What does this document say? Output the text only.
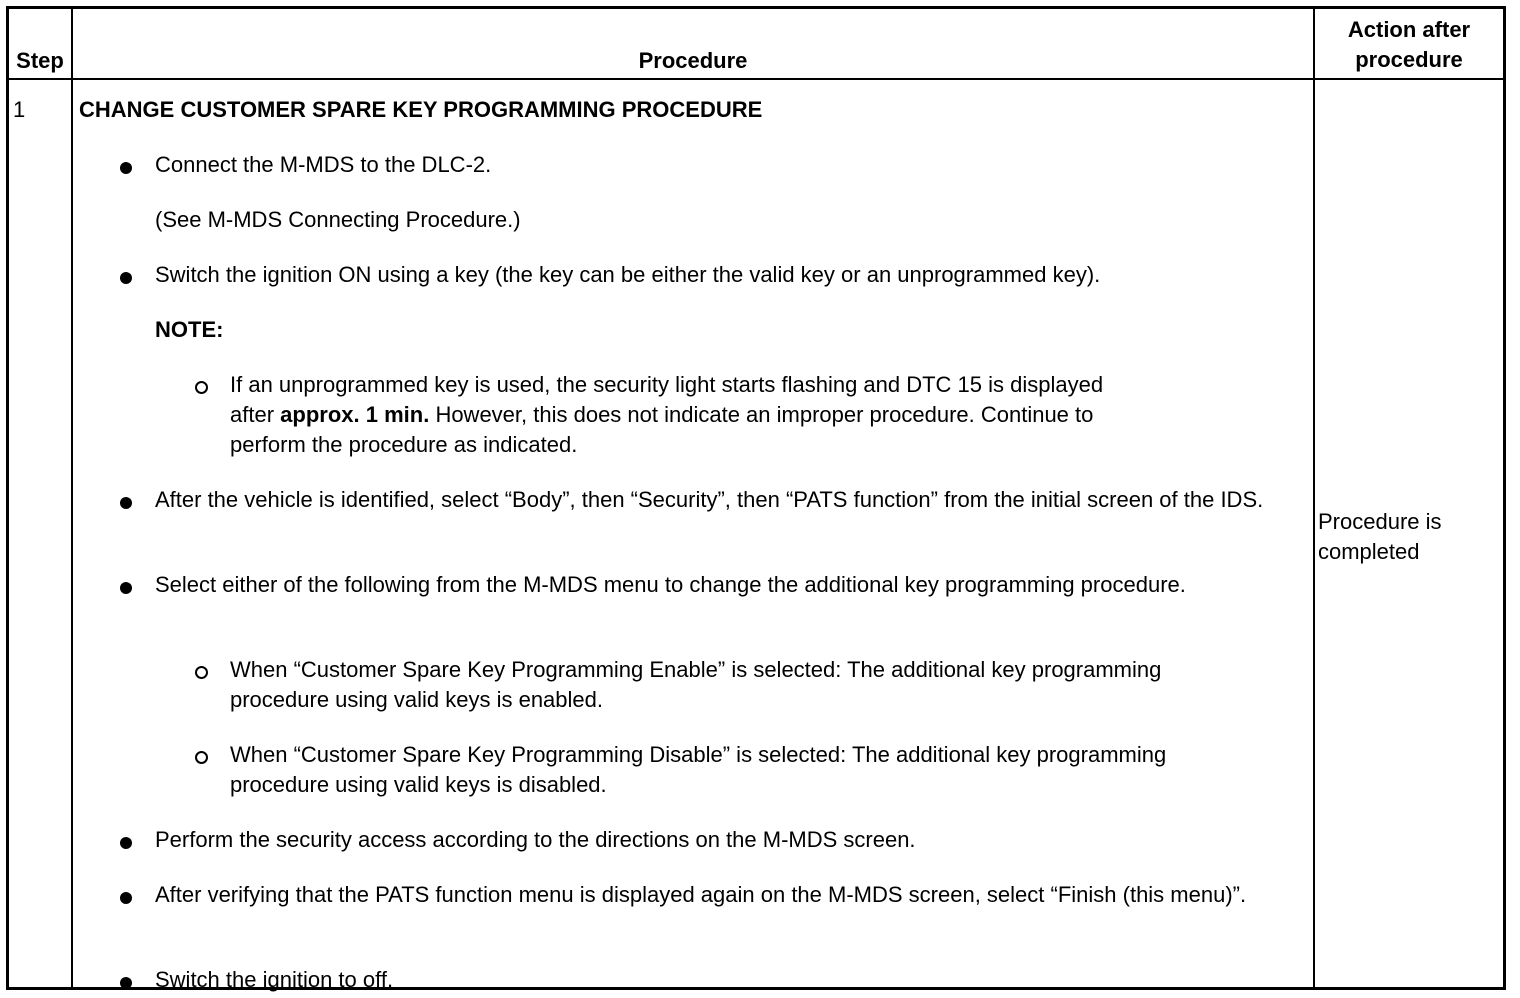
Step	Procedure
Action after
procedure
1 CHANGE CUSTOMER SPARE KEY PROGRAMMING PROCEDURE
Connect the M-MDS to the DLC-2.
(See M-MDS Connecting Procedure.)
Switch the ignition ON using a key (the key can be either the valid key or an unprogrammed key).
NOTE:
If an unprogrammed key is used, the security light starts flashing and DTC 15 is displayed
after approx. 1 min. However, this does not indicate an improper procedure. Continue to
perform the procedure as indicated.
After the vehicle is identified, select “Body”, then “Security”, then “PATS function” from the initial screen of the IDS.
Select either of the following from the M-MDS menu to change the additional key programming procedure.
When “Customer Spare Key Programming Enable” is selected: The additional key programming procedure using valid keys is enabled.
When “Customer Spare Key Programming Disable” is selected: The additional key programming procedure using valid keys is disabled.
Perform the security access according to the directions on the M-MDS screen.
After verifying that the PATS function menu is displayed again on the M-MDS screen, select “Finish (this menu)”.
Switch the ignition to off.
Procedure is
completed
